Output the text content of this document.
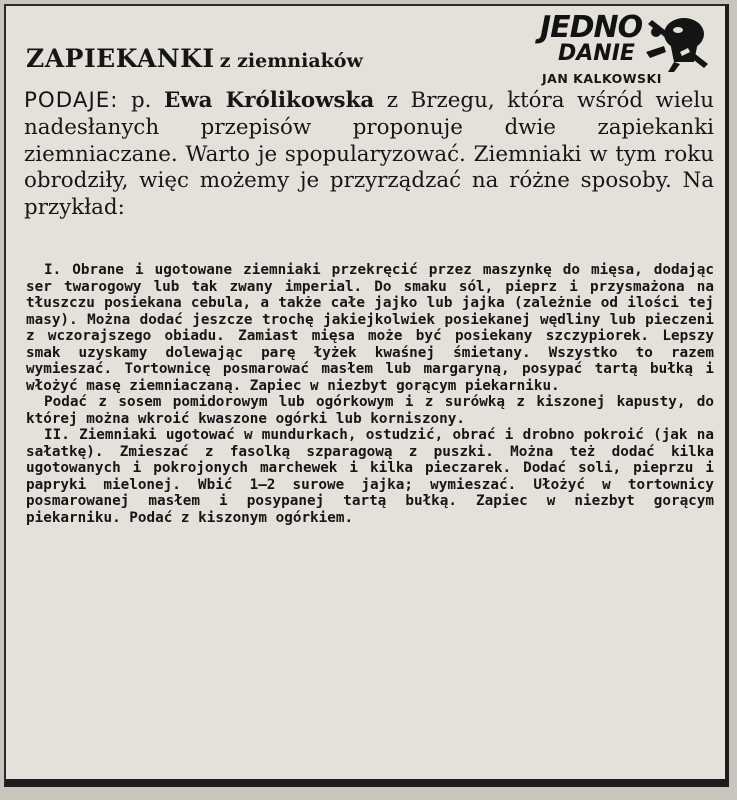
ZAPIEKANKI z ziemniaków
JEDNO
DANIE
JAN KALKOWSKI
PODAJE: p. Ewa Królikowska z Brzegu, która wśród wielu nadesłanych przepisów proponuje dwie zapiekanki ziemniaczane. Warto je spopularyzować. Ziemniaki w tym roku obrodziły, więc możemy je przyrządzać na różne sposoby. Na przykład:

I. Obrane i ugotowane ziemniaki przekręcić przez maszynkę do mięsa, dodając ser twarogowy lub tak zwany imperial. Do smaku sól, pieprz i przysmażona na tłuszczu posiekana cebula, a także całe jajko lub jajka (zależnie od ilości tej masy). Można dodać jeszcze trochę jakiejkolwiek posiekanej wędliny lub pieczeni z wczorajszego obiadu. Zamiast mięsa może być posiekany szczypiorek. Lepszy smak uzyskamy dolewając parę łyżek kwaśnej śmietany. Wszystko to razem wymieszać. Tortownicę posmarować masłem lub margaryną, posypać tartą bułką i włożyć masę ziemniaczaną. Zapiec w niezbyt gorącym piekarniku.

Podać z sosem pomidorowym lub ogórkowym i z surówką z kiszonej kapusty, do której można wkroić kwaszone ogórki lub korniszony.

II. Ziemniaki ugotować w mundurkach, ostudzić, obrać i drobno pokroić (jak na sałatkę). Zmieszać z fasolką szparagową z puszki. Można też dodać kilka ugotowanych i pokrojonych marchewek i kilka pieczarek. Dodać soli, pieprzu i papryki mielonej. Wbić 1—2 surowe jajka; wymieszać. Ułożyć w tortownicy posmarowanej masłem i posypanej tartą bułką. Zapiec w niezbyt gorącym piekarniku. Podać z kiszonym ogórkiem.
